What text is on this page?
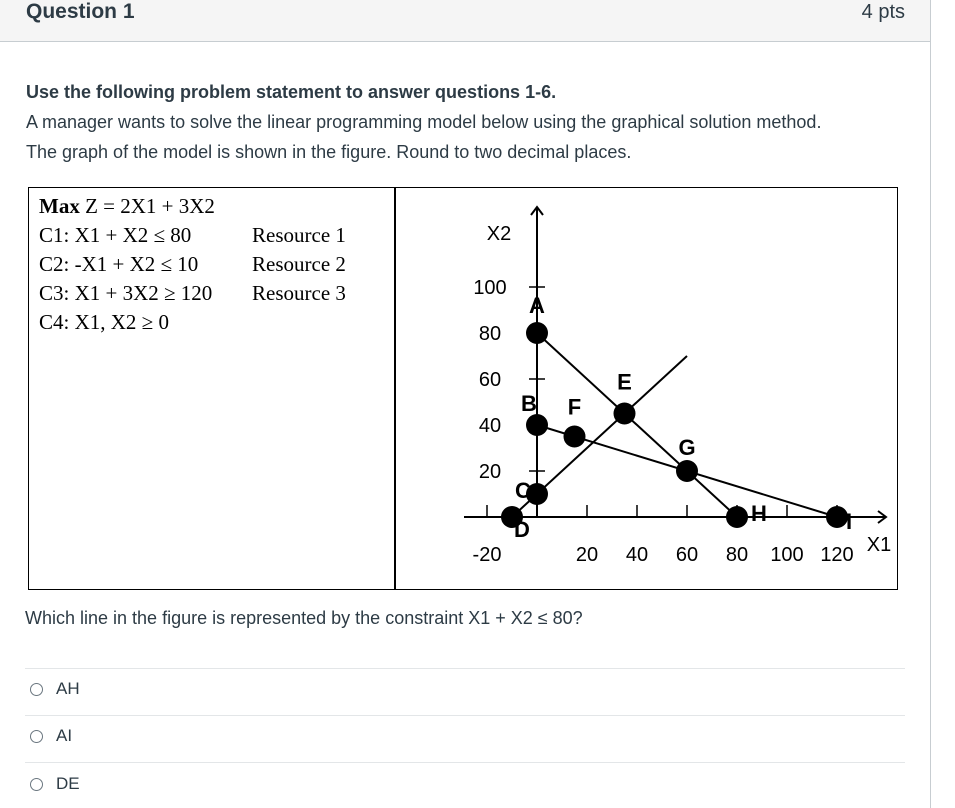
Question 1	4 pts
Use the following problem statement to answer questions 1-6.
A manager wants to solve the linear programming model below using the graphical solution method.
The graph of the model is shown in the figure. Round to two decimal places.
Max Z = 2X1 + 3X2
C1: X1 + X2 ≤ 80	Resource 1
C2: -X1 + X2 ≤ 10	Resource 2
C3: X1 + 3X2 ≥ 120 Resource 3
C4: X1, X2 ≥ 0
X2
X1
100
80
60
40
20
-20	20 40 60 80 100 120
A
B
C
D
E
F
G
H	I
Which line in the figure is represented by the constraint X1 + X2 ≤ 80?
AH
AI
DE
